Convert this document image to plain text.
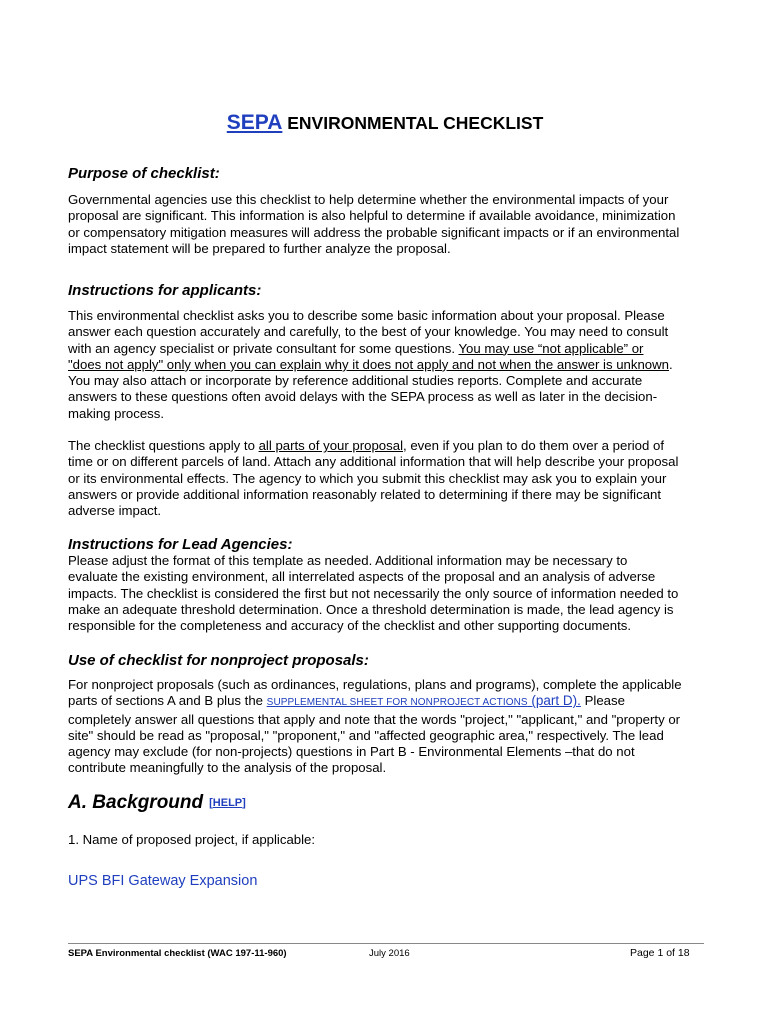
SEPA ENVIRONMENTAL CHECKLIST
Purpose of checklist:
Governmental agencies use this checklist to help determine whether the environmental impacts of your
proposal are significant. This information is also helpful to determine if available avoidance, minimization
or compensatory mitigation measures will address the probable significant impacts or if an environmental
impact statement will be prepared to further analyze the proposal.
Instructions for applicants:
This environmental checklist asks you to describe some basic information about your proposal. Please
answer each question accurately and carefully, to the best of your knowledge. You may need to consult
with an agency specialist or private consultant for some questions. You may use “not applicable” or
"does not apply" only when you can explain why it does not apply and not when the answer is unknown.
You may also attach or incorporate by reference additional studies reports. Complete and accurate
answers to these questions often avoid delays with the SEPA process as well as later in the decision-
making process.
The checklist questions apply to all parts of your proposal, even if you plan to do them over a period of
time or on different parcels of land. Attach any additional information that will help describe your proposal
or its environmental effects. The agency to which you submit this checklist may ask you to explain your
answers or provide additional information reasonably related to determining if there may be significant
adverse impact.
Instructions for Lead Agencies:
Please adjust the format of this template as needed. Additional information may be necessary to
evaluate the existing environment, all interrelated aspects of the proposal and an analysis of adverse
impacts. The checklist is considered the first but not necessarily the only source of information needed to
make an adequate threshold determination. Once a threshold determination is made, the lead agency is
responsible for the completeness and accuracy of the checklist and other supporting documents.
Use of checklist for nonproject proposals:
For nonproject proposals (such as ordinances, regulations, plans and programs), complete the applicable
parts of sections A and B plus the SUPPLEMENTAL SHEET FOR NONPROJECT ACTIONS (part D). Please
completely answer all questions that apply and note that the words "project," "applicant," and "property or
site" should be read as "proposal," "proponent," and "affected geographic area," respectively. The lead
agency may exclude (for non-projects) questions in Part B - Environmental Elements –that do not
contribute meaningfully to the analysis of the proposal.
A. Background [HELP]
1. Name of proposed project, if applicable:
UPS BFI Gateway Expansion
SEPA Environmental checklist (WAC 197-11-960)	July 2016	Page 1 of 18
